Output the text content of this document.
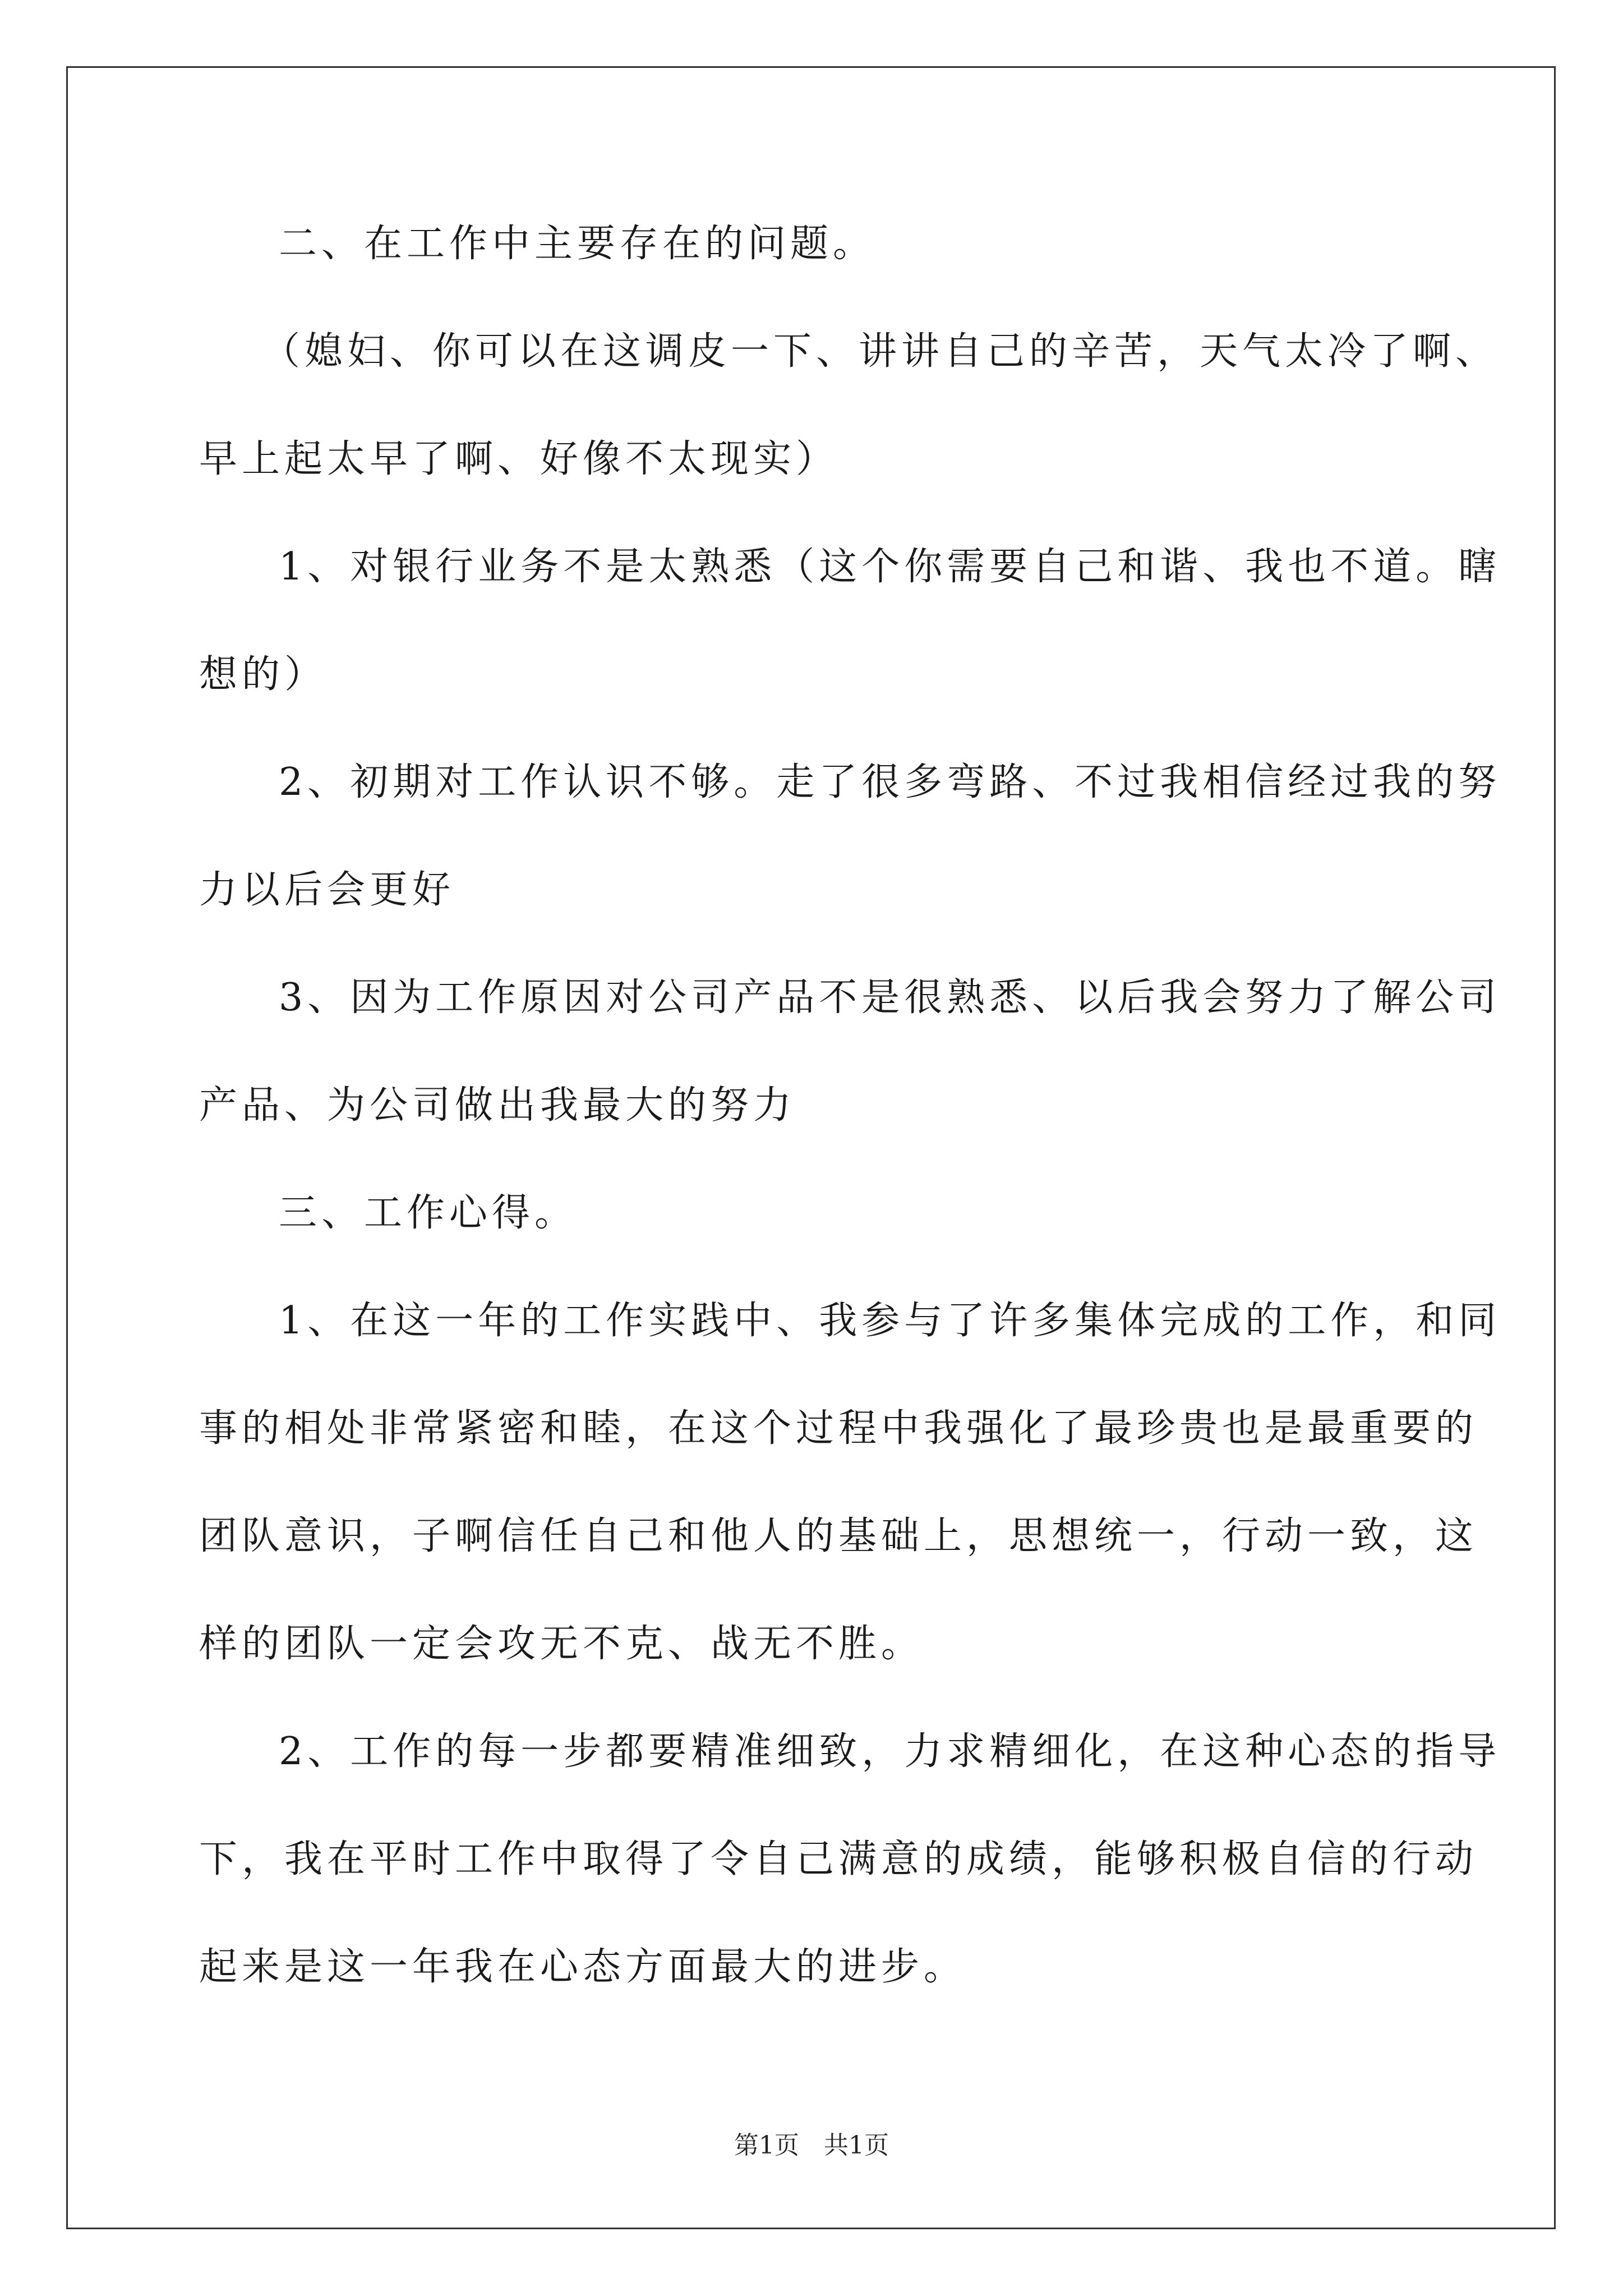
二、在工作中主要存在的问题。
（媳妇、你可以在这调皮一下、讲讲自己的辛苦，天气太冷了啊、
早上起太早了啊、好像不太现实）
1、对银行业务不是太熟悉（这个你需要自己和谐、我也不道。瞎
想的）
2、初期对工作认识不够。走了很多弯路、不过我相信经过我的努
力以后会更好
3、因为工作原因对公司产品不是很熟悉、以后我会努力了解公司
产品、为公司做出我最大的努力
三、工作心得。
1、在这一年的工作实践中、我参与了许多集体完成的工作，和同
事的相处非常紧密和睦，在这个过程中我强化了最珍贵也是最重要的
团队意识，子啊信任自己和他人的基础上，思想统一，行动一致，这
样的团队一定会攻无不克、战无不胜。
2、工作的每一步都要精准细致，力求精细化，在这种心态的指导
下，我在平时工作中取得了令自己满意的成绩，能够积极自信的行动
起来是这一年我在心态方面最大的进步。
第1页　共1页
